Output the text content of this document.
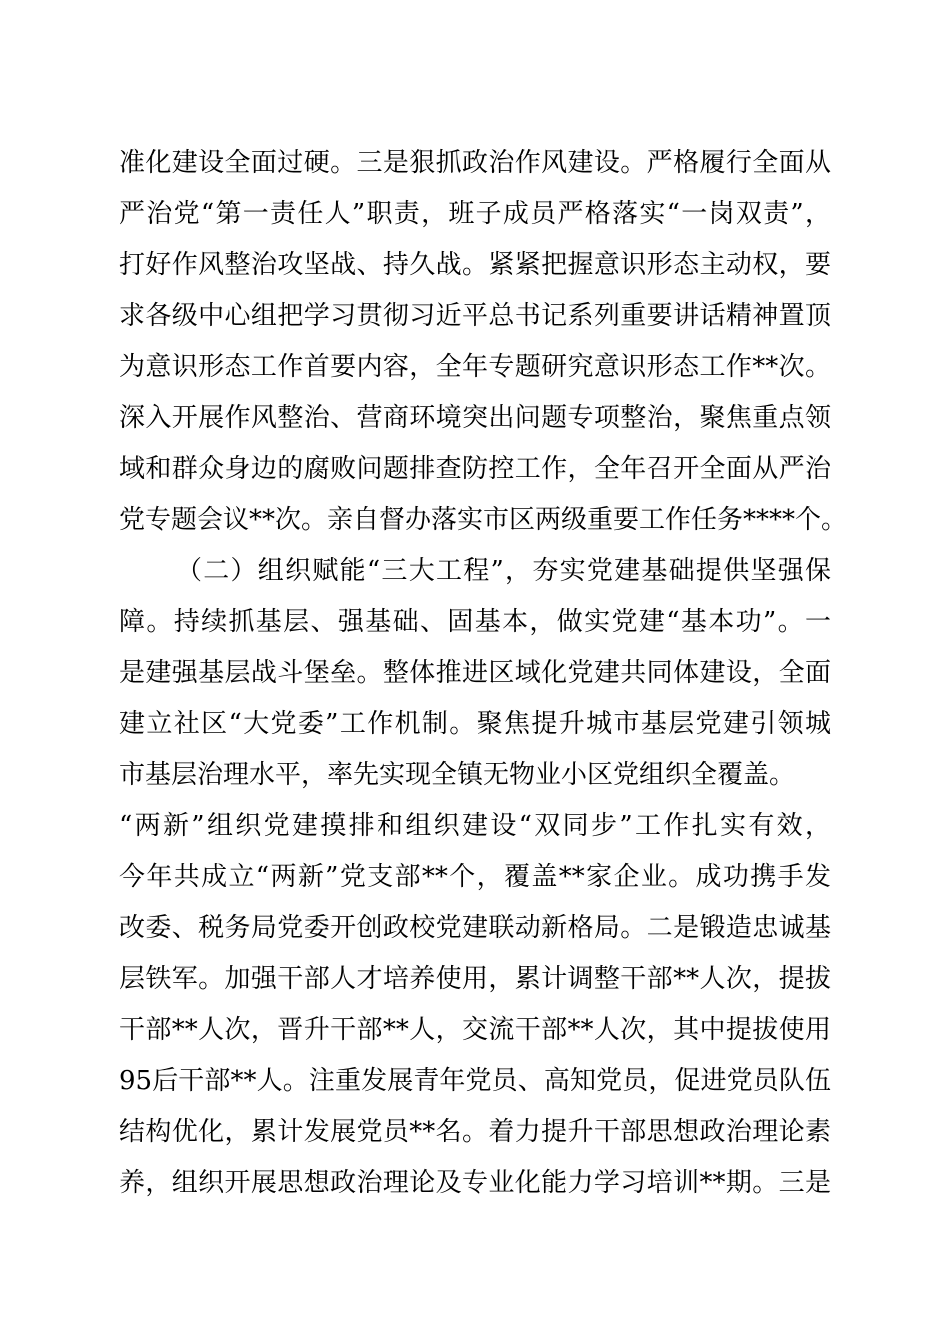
准化建设全面过硬。三是狠抓政治作风建设。严格履行全面从
严治党“第一责任人”职责，班子成员严格落实“一岗双责”，
打好作风整治攻坚战、持久战。紧紧把握意识形态主动权，要
求各级中心组把学习贯彻习近平总书记系列重要讲话精神置顶
为意识形态工作首要内容，全年专题研究意识形态工作**次。
深入开展作风整治、营商环境突出问题专项整治，聚焦重点领
域和群众身边的腐败问题排查防控工作，全年召开全面从严治
党专题会议**次。亲自督办落实市区两级重要工作任务****个。
（二）组织赋能“三大工程”，夯实党建基础提供坚强保
障。持续抓基层、强基础、固基本，做实党建“基本功”。一
是建强基层战斗堡垒。整体推进区域化党建共同体建设，全面
建立社区“大党委”工作机制。聚焦提升城市基层党建引领城
市基层治理水平，率先实现全镇无物业小区党组织全覆盖。
“两新”组织党建摸排和组织建设“双同步”工作扎实有效，
今年共成立“两新”党支部**个，覆盖**家企业。成功携手发
改委、税务局党委开创政校党建联动新格局。二是锻造忠诚基
层铁军。加强干部人才培养使用，累计调整干部**人次，提拔
干部**人次，晋升干部**人，交流干部**人次，其中提拔使用
95后干部**人。注重发展青年党员、高知党员，促进党员队伍
结构优化，累计发展党员**名。着力提升干部思想政治理论素
养，组织开展思想政治理论及专业化能力学习培训**期。三是
